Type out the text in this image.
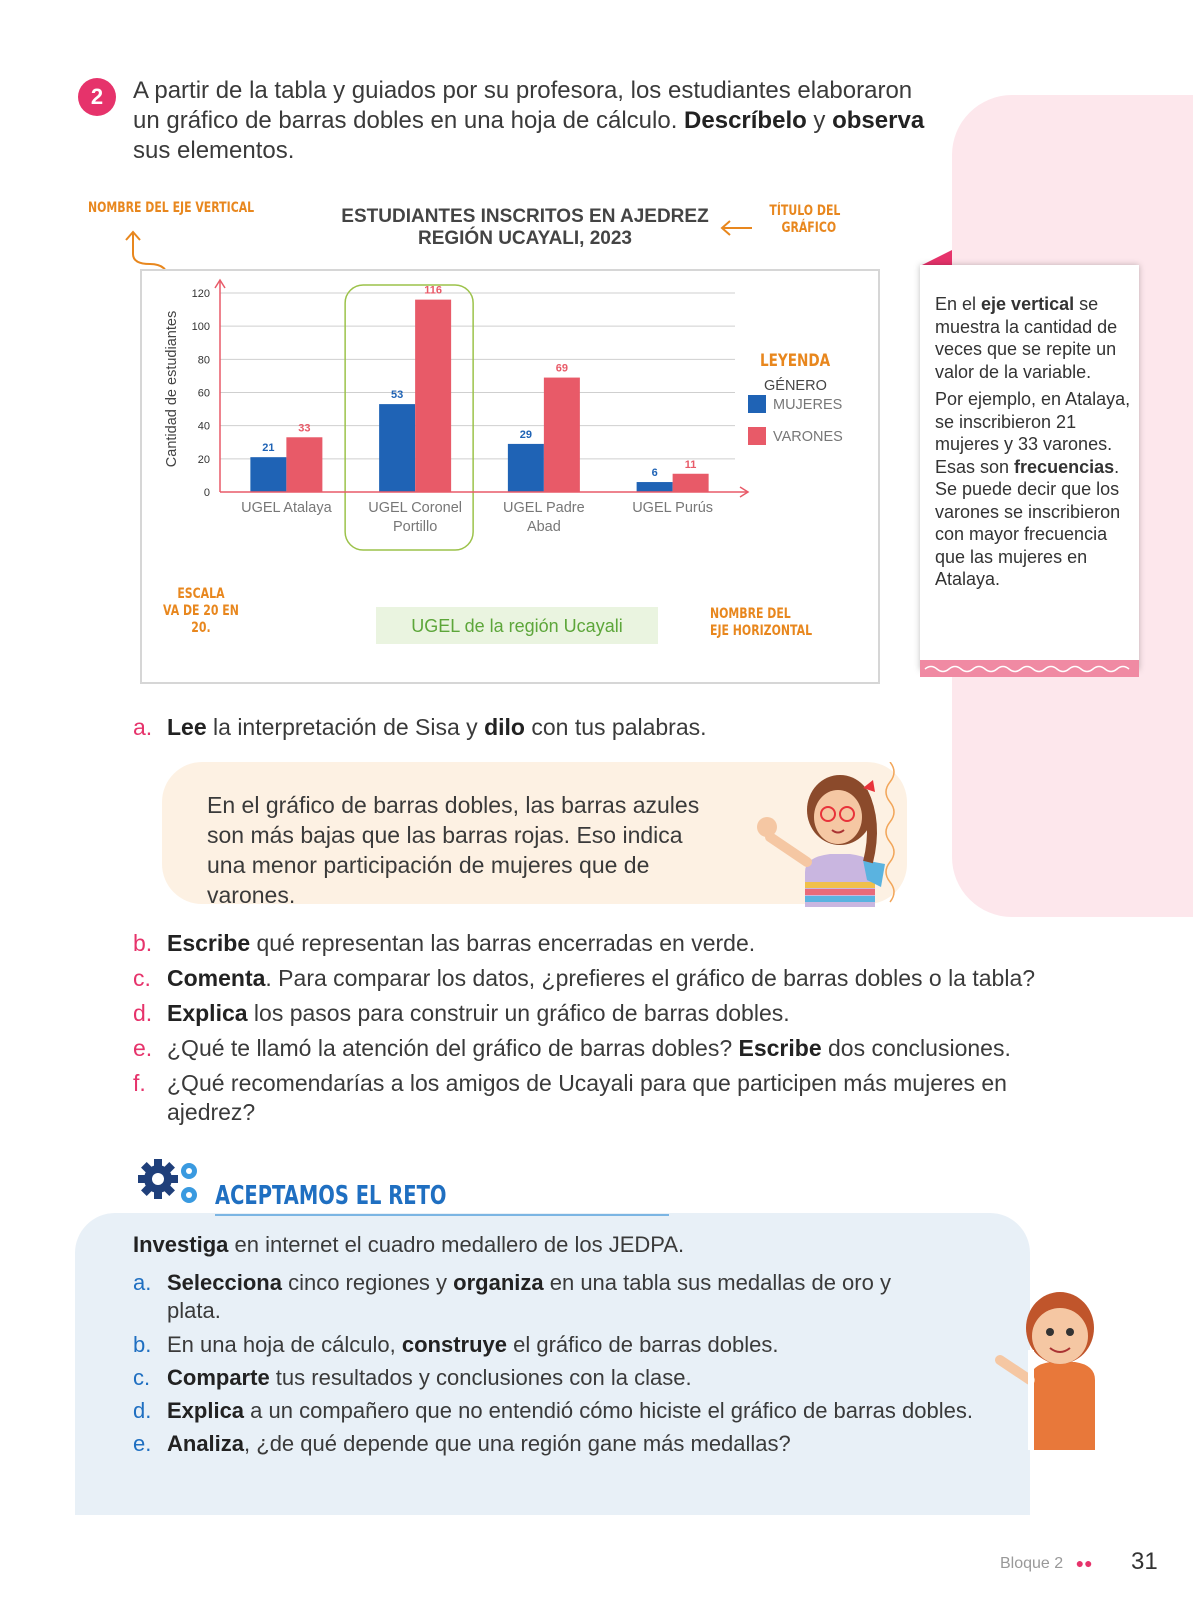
2	A partir de la tabla y guiados por su profesora, los estudiantes elaboraron un gráfico de barras dobles en una hoja de cálculo. Descríbelo y observa sus elementos.
NOMBRE DEL EJE VERTICAL	ESTUDIANTES INSCRITOS EN AJEDREZ
REGIÓN UCAYALI, 2023
TÍTULO DEL
GRÁFICO
0
20
40
60
80
100
120
21
33
53
116
29
69
6
11
UGEL Atalaya	UGEL Coronel
Portillo
UGEL Padre
Abad
UGEL Purús
Cantidad de estudiantes
UGEL de la región Ucayali
LEYENDA
GÉNERO
MUJERES
VARONES
ESCALA
VA DE 20 EN 20.
NOMBRE DEL
EJE HORIZONTAL

En el eje vertical se muestra la cantidad de veces que se repite un valor de la variable.

Por ejemplo, en Atalaya, se inscribieron 21 mujeres y 33 varones. Esas son frecuencias. Se puede decir que los varones se inscribieron con mayor frecuencia que las mujeres en Atalaya.

a. Lee la interpretación de Sisa y dilo con tus palabras.
En el gráfico de barras dobles, las barras azules son más bajas que las barras rojas. Eso indica una menor participación de mujeres que de varones.
b. Escribe qué representan las barras encerradas en verde.
c. Comenta. Para comparar los datos, ¿prefieres el gráfico de barras dobles o la tabla?
d. Explica los pasos para construir un gráfico de barras dobles.
e. ¿Qué te llamó la atención del gráfico de barras dobles? Escribe dos conclusiones.
f. ¿Qué recomendarías a los amigos de Ucayali para que participen más mujeres en ajedrez?
ACEPTAMOS EL RETO
Investiga en internet el cuadro medallero de los JEDPA.
a. Selecciona cinco regiones y organiza en una tabla sus medallas de oro y plata.
b. En una hoja de cálculo, construye el gráfico de barras dobles.
c. Comparte tus resultados y conclusiones con la clase.
d. Explica a un compañero que no entendió cómo hiciste el gráfico de barras dobles.
e. Analiza, ¿de qué depende que una región gane más medallas?
Bloque 2 ●● 31
